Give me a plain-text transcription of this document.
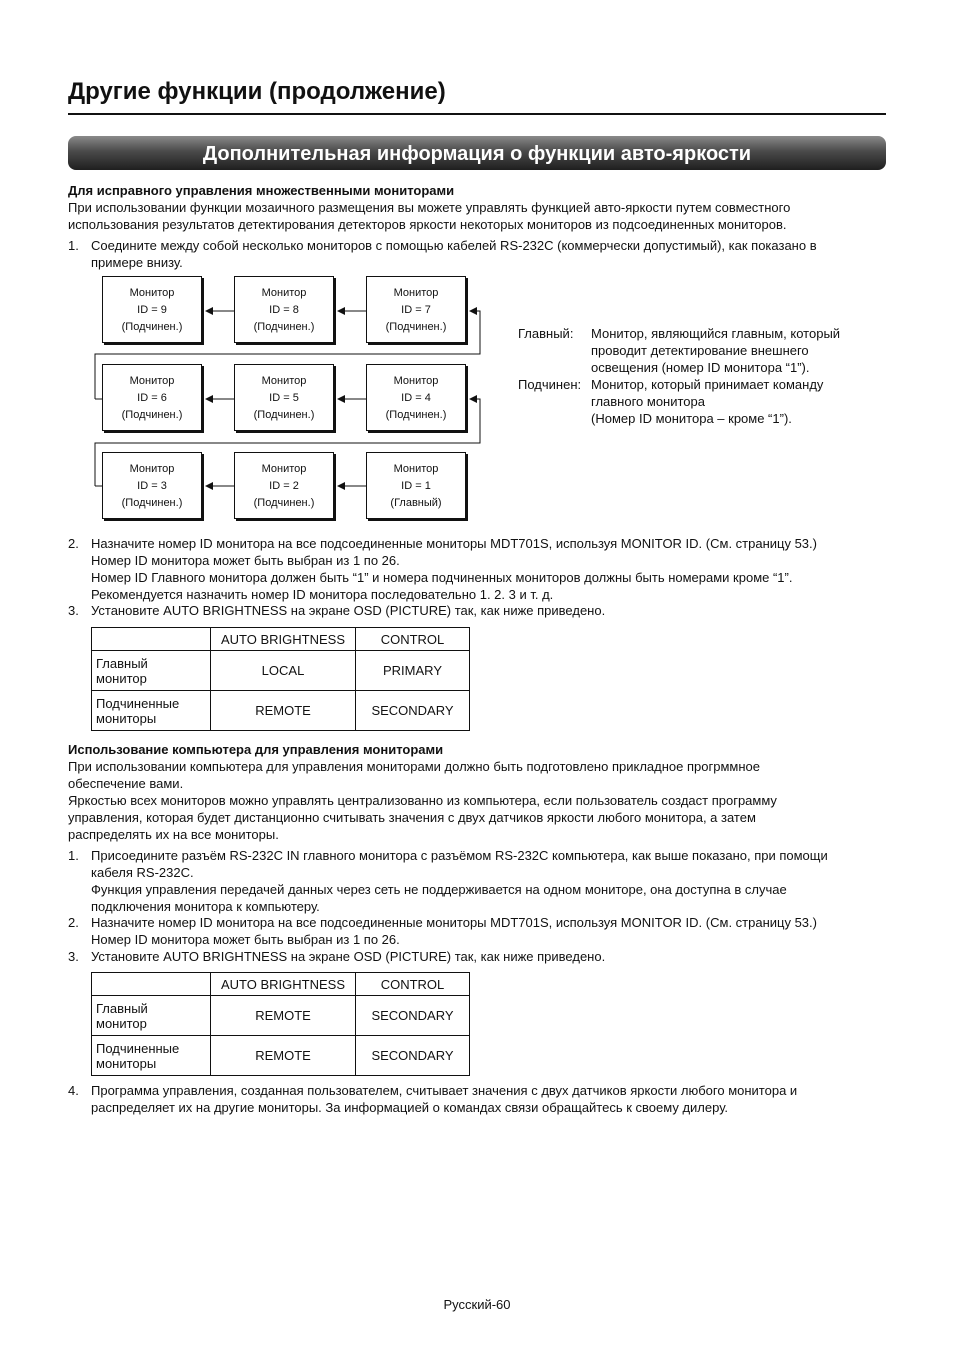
Другие функции (продолжение)
Дополнительная информация о функции авто-яркости
Для исправного управления множественными мониторами
При использовании функции мозаичного размещения вы можете управлять функцией авто-яркости путем совместного
использования результатов детектирования детекторов яркости некоторых мониторов из подсоединенных мониторов.
1. Соедините между собой несколько мониторов с помощью кабелей RS-232C (коммерчески допустимый), как показано в
примере внизу.
Монитор
ID = 9
(Подчинен.)
Монитор
ID = 8
(Подчинен.)
Монитор
ID = 7
(Подчинен.)
Монитор
ID = 6
(Подчинен.)
Монитор
ID = 5
(Подчинен.)
Монитор
ID = 4
(Подчинен.)
Монитор
ID = 3
(Подчинен.)
Монитор
ID = 2
(Подчинен.)
Монитор
ID = 1
(Главный)
Главный: Монитор, являющийся главным, который
проводит детектирование внешнего
освещения (номер ID монитора “1”).
Подчинен: Монитор, который принимает команду
главного монитора
(Номер ID монитора – кроме “1”).
2. Назначите номер ID монитора на все подсоединенные мониторы MDT701S, используя MONITOR ID. (См. страницу 53.)
Номер ID монитора может быть выбран из 1 по 26.
Номер ID Главного монитора должен быть “1” и номера подчиненных мониторов должны быть номерами кроме “1”.
Рекомендуется назначить номер ID монитора последовательно 1. 2. 3 и т. д.
3. Установите AUTO BRIGHTNESS на экране OSD (PICTURE) так, как ниже приведено.
	AUTO BRIGHTNESS	CONTROL

Главный
монитор	LOCAL	PRIMARY

Подчиненные
мониторы	REMOTE	SECONDARY
Использование компьютера для управления мониторами
При использовании компьютера для управления мониторами должно быть подготовлено прикладное прогрммное
обеспечение вами.
Яркостью всех мониторов можно управлять централизованно из компьютера, если пользователь создаст программу
управления, которая будет дистанционно считывать значения с двух датчиков яркости любого монитора, а затем
распределять их на все мониторы.
1. Присоедините разъём RS-232C IN главного монитора с разъёмом RS-232C компьютера, как выше показано, при помощи
кабеля RS-232C.
Функция управления передачей данных через сеть не поддерживается на одном мониторе, она доступна в случае
подключения монитора к компьютеру.
2. Назначите номер ID монитора на все подсоединенные мониторы MDT701S, используя MONITOR ID. (См. страницу 53.)
Номер ID монитора может быть выбран из 1 по 26.
3. Установите AUTO BRIGHTNESS на экране OSD (PICTURE) так, как ниже приведено.
	AUTO BRIGHTNESS	CONTROL

Главный
монитор	REMOTE	SECONDARY

Подчиненные
мониторы	REMOTE	SECONDARY
4. Программа управления, созданная пользователем, считывает значения с двух датчиков яркости любого монитора и
распределяет их на другие мониторы. За информацией о командах связи обращайтесь к своему дилеру.
Русский-60
